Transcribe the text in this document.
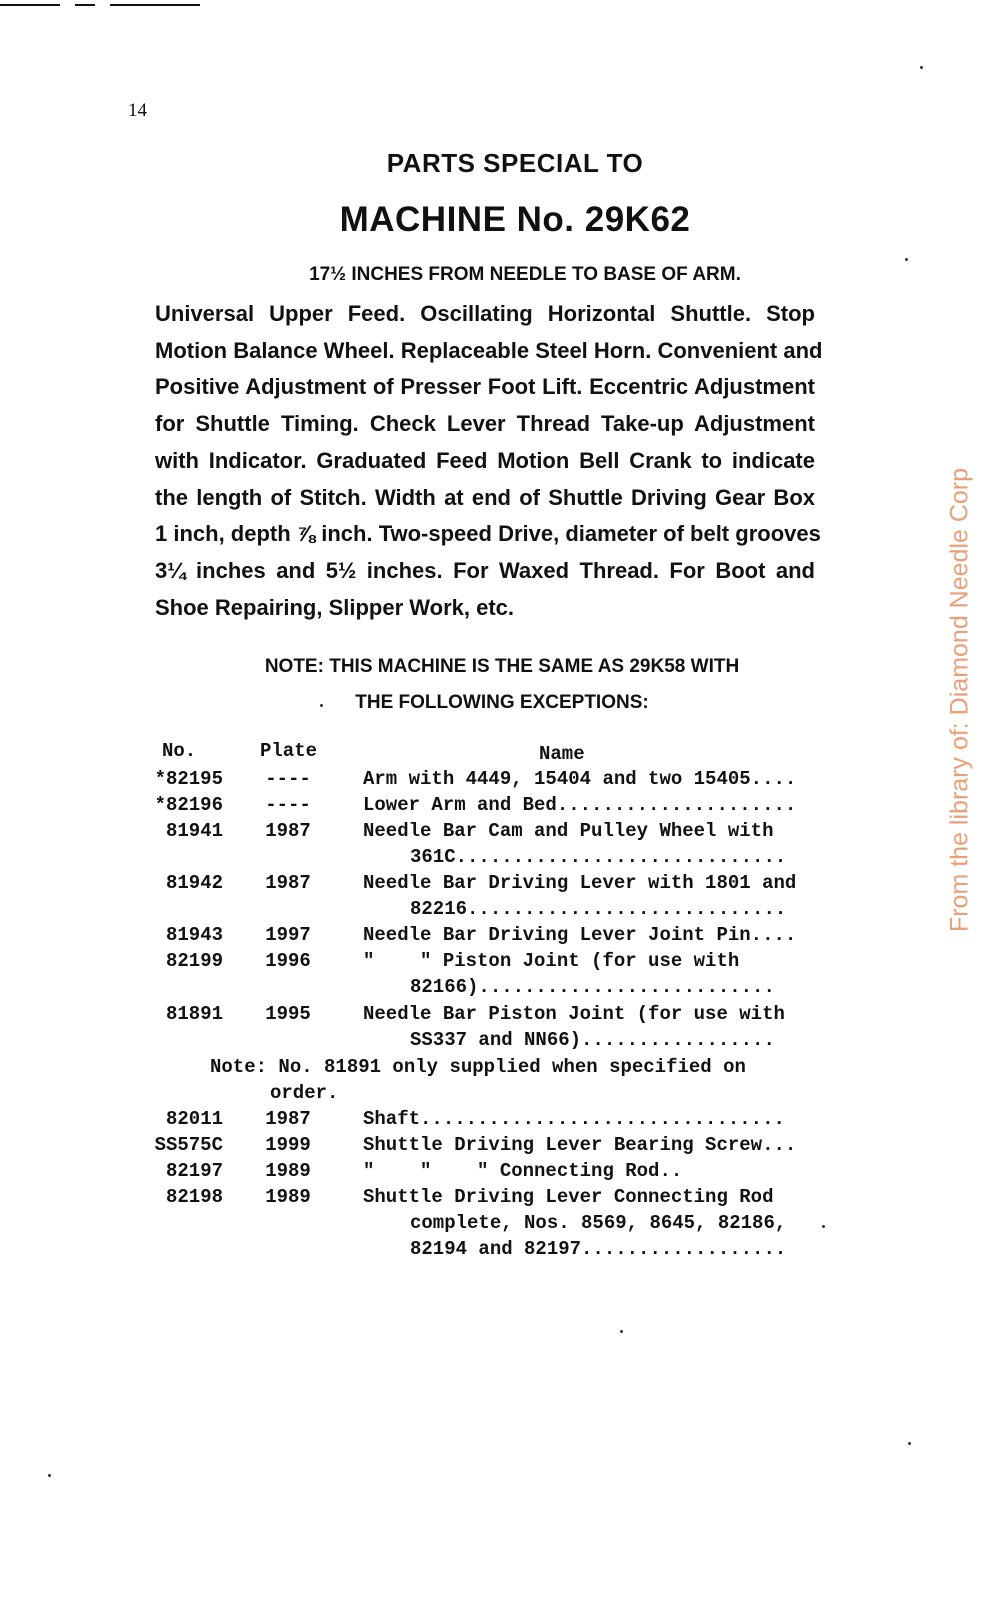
14
PARTS SPECIAL TO
MACHINE No. 29K62
17½ INCHES FROM NEEDLE TO BASE OF ARM.

Universal Upper Feed. Oscillating Horizontal Shuttle. Stop

Motion Balance Wheel. Replaceable Steel Horn. Convenient and

Positive Adjustment of Presser Foot Lift. Eccentric Adjustment

for Shuttle Timing. Check Lever Thread Take-up Adjustment

with Indicator. Graduated Feed Motion Bell Crank to indicate

the length of Stitch. Width at end of Shuttle Driving Gear Box

1 inch, depth ⅞ inch. Two-speed Drive, diameter of belt grooves

3¼ inches and 5½ inches. For Waxed Thread. For Boot and

Shoe Repairing, Slipper Work, etc.

NOTE: THIS MACHINE IS THE SAME AS 29K58 WITH
THE FOLLOWING EXCEPTIONS:
No.	Plate	Name
*82195	----	Arm with 4449, 15404 and two 15405....
*82196	----	Lower Arm and Bed.....................
81941	1987	Needle Bar Cam and Pulley Wheel with
361C.............................
81942	1987	Needle Bar Driving Lever with 1801 and
82216............................
81943	1997	Needle Bar Driving Lever Joint Pin....
82199	1996	"    " Piston Joint (for use with
82166)..........................
81891	1995	Needle Bar Piston Joint (for use with
SS337 and NN66).................
Note: No. 81891 only supplied when specified on
order.
82011	1987	Shaft................................
SS575C	1999	Shuttle Driving Lever Bearing Screw...
82197	1989	"    "    " Connecting Rod..
82198	1989	Shuttle Driving Lever Connecting Rod
complete, Nos. 8569, 8645, 82186,
82194 and 82197..................
From the library of: Diamond Needle Corp
